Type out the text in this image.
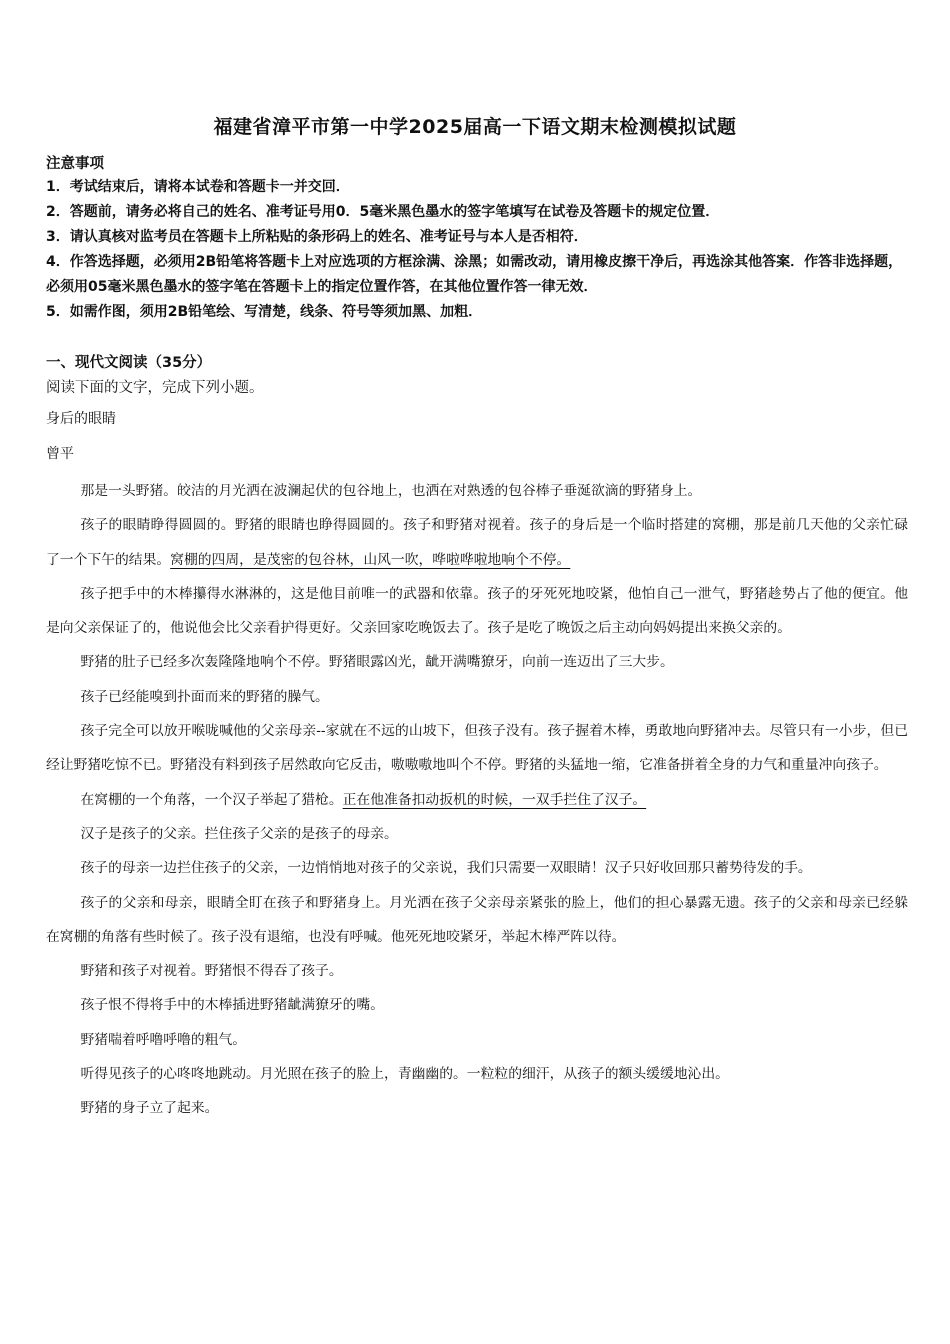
福建省漳平市第一中学2025届高一下语文期末检测模拟试题
注意事项
1．考试结束后，请将本试卷和答题卡一并交回．
2．答题前，请务必将自己的姓名、准考证号用0．5毫米黑色墨水的签字笔填写在试卷及答题卡的规定位置．
3．请认真核对监考员在答题卡上所粘贴的条形码上的姓名、准考证号与本人是否相符．
4．作答选择题，必须用2B铅笔将答题卡上对应选项的方框涂满、涂黑；如需改动，请用橡皮擦干净后，再选涂其他答案．作答非选择题，必须用05毫米黑色墨水的签字笔在答题卡上的指定位置作答，在其他位置作答一律无效．
5．如需作图，须用2B铅笔绘、写清楚，线条、符号等须加黑、加粗．
一、现代文阅读（35分）
阅读下面的文字，完成下列小题。
身后的眼睛
曾平

那是一头野猪。皎洁的月光洒在波澜起伏的包谷地上，也洒在对熟透的包谷棒子垂涎欲滴的野猪身上。

孩子的眼睛睁得圆圆的。野猪的眼睛也睁得圆圆的。孩子和野猪对视着。孩子的身后是一个临时搭建的窝棚，那是前几天他的父亲忙碌了一个下午的结果。窝棚的四周，是茂密的包谷林，山风一吹，哗啦哗啦地响个不停。

孩子把手中的木棒攥得水淋淋的，这是他目前唯一的武器和依靠。孩子的牙死死地咬紧，他怕自己一泄气，野猪趁势占了他的便宜。他是向父亲保证了的，他说他会比父亲看护得更好。父亲回家吃晚饭去了。孩子是吃了晚饭之后主动向妈妈提出来换父亲的。

野猪的肚子已经多次轰隆隆地响个不停。野猪眼露凶光，龇开满嘴獠牙，向前一连迈出了三大步。

孩子已经能嗅到扑面而来的野猪的臊气。

孩子完全可以放开喉咙喊他的父亲母亲--家就在不远的山坡下，但孩子没有。孩子握着木棒，勇敢地向野猪冲去。尽管只有一小步，但已经让野猪吃惊不已。野猪没有料到孩子居然敢向它反击，嗷嗷嗷地叫个不停。野猪的头猛地一缩，它准备拼着全身的力气和重量冲向孩子。

在窝棚的一个角落，一个汉子举起了猎枪。正在他准备扣动扳机的时候，一双手拦住了汉子。

汉子是孩子的父亲。拦住孩子父亲的是孩子的母亲。

孩子的母亲一边拦住孩子的父亲，一边悄悄地对孩子的父亲说，我们只需要一双眼睛！汉子只好收回那只蓄势待发的手。

孩子的父亲和母亲，眼睛全盯在孩子和野猪身上。月光洒在孩子父亲母亲紧张的脸上，他们的担心暴露无遗。孩子的父亲和母亲已经躲在窝棚的角落有些时候了。孩子没有退缩，也没有呼喊。他死死地咬紧牙，举起木棒严阵以待。

野猪和孩子对视着。野猪恨不得吞了孩子。

孩子恨不得将手中的木棒插进野猪龇满獠牙的嘴。

野猪喘着呼噜呼噜的粗气。

听得见孩子的心咚咚地跳动。月光照在孩子的脸上，青幽幽的。一粒粒的细汗，从孩子的额头缓缓地沁出。

野猪的身子立了起来。
